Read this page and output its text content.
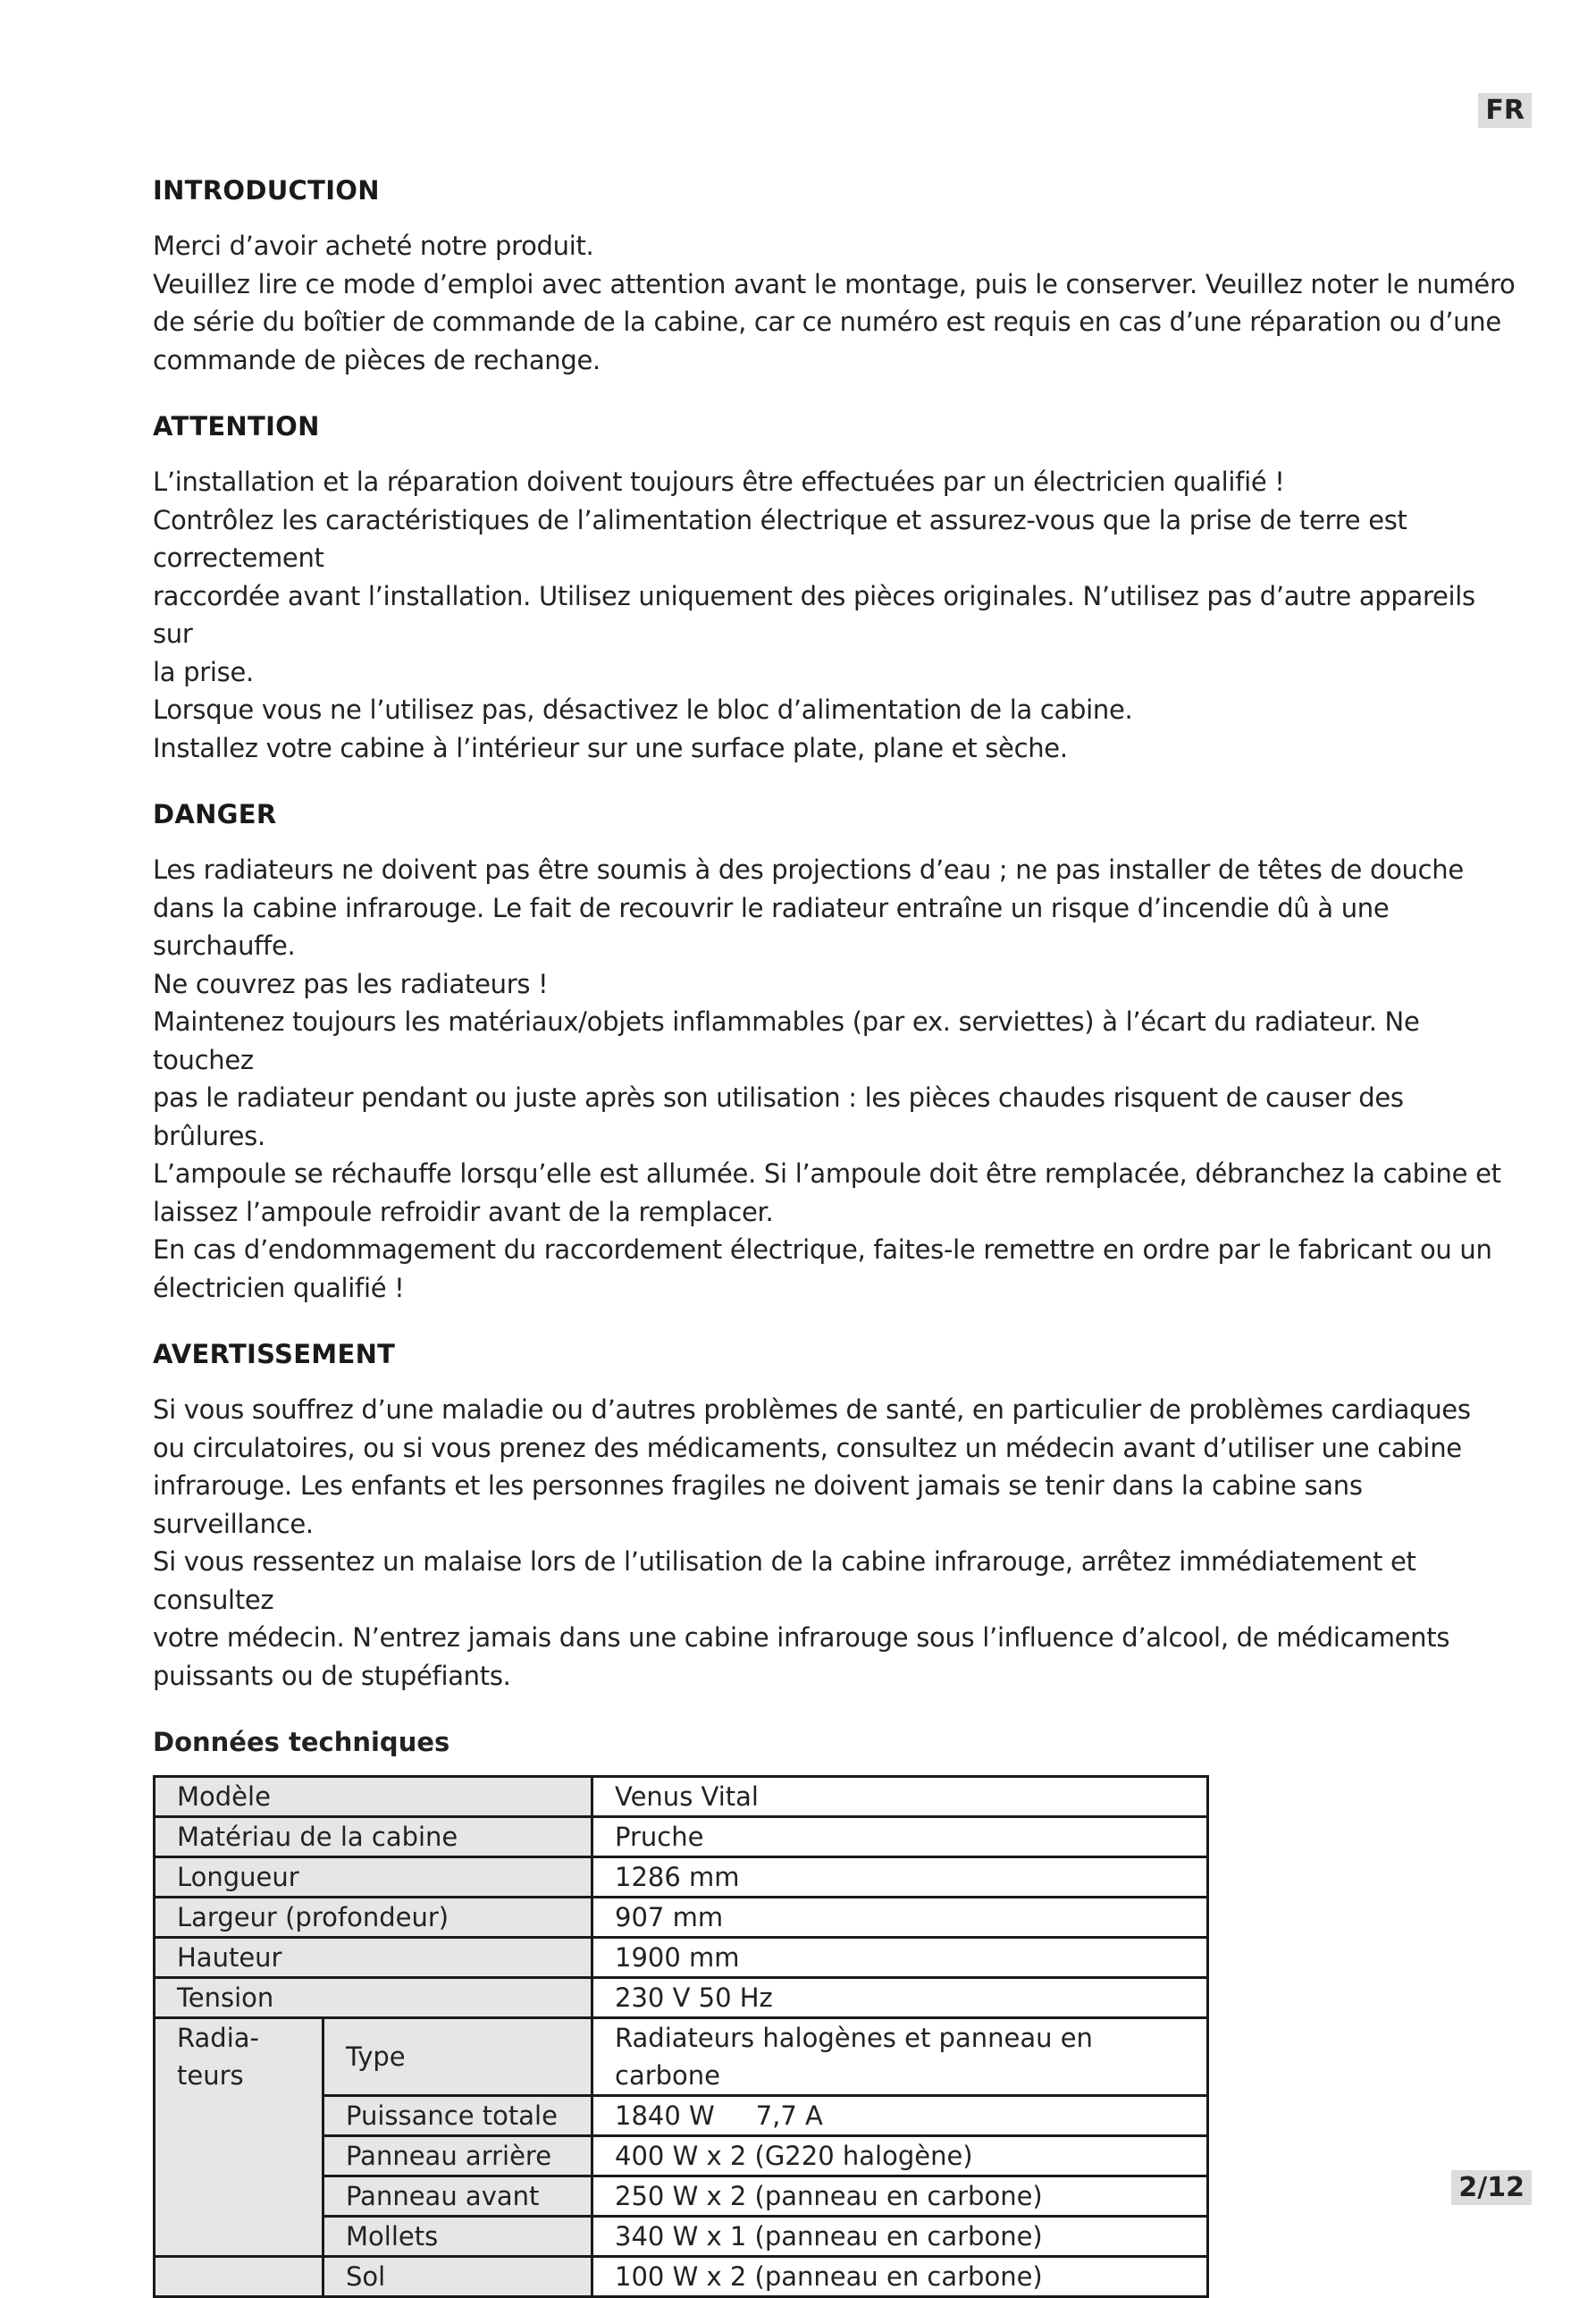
FR
INTRODUCTION

Merci d’avoir acheté notre produit.

Veuillez lire ce mode d’emploi avec attention avant le montage, puis le conserver. Veuillez noter le numéro

de série du boîtier de commande de la cabine, car ce numéro est requis en cas d’une réparation ou d’une

commande de pièces de rechange.

ATTENTION

L’installation et la réparation doivent toujours être effectuées par un électricien qualifié !

Contrôlez les caractéristiques de l’alimentation électrique et assurez-vous que la prise de terre est correctement

raccordée avant l’installation. Utilisez uniquement des pièces originales. N’utilisez pas d’autre appareils sur

la prise.

Lorsque vous ne l’utilisez pas, désactivez le bloc d’alimentation de la cabine.

Installez votre cabine à l’intérieur sur une surface plate, plane et sèche.

DANGER

Les radiateurs ne doivent pas être soumis à des projections d’eau ; ne pas installer de têtes de douche

dans la cabine infrarouge. Le fait de recouvrir le radiateur entraîne un risque d’incendie dû à une surchauffe.

Ne couvrez pas les radiateurs !

Maintenez toujours les matériaux/objets inflammables (par ex. serviettes) à l’écart du radiateur. Ne touchez

pas le radiateur pendant ou juste après son utilisation : les pièces chaudes risquent de causer des brûlures.

L’ampoule se réchauffe lorsqu’elle est allumée. Si l’ampoule doit être remplacée, débranchez la cabine et

laissez l’ampoule refroidir avant de la remplacer.

En cas d’endommagement du raccordement électrique, faites-le remettre en ordre par le fabricant ou un

électricien qualifié !

AVERTISSEMENT

Si vous souffrez d’une maladie ou d’autres problèmes de santé, en particulier de problèmes cardiaques

ou circulatoires, ou si vous prenez des médicaments, consultez un médecin avant d’utiliser une cabine

infrarouge. Les enfants et les personnes fragiles ne doivent jamais se tenir dans la cabine sans surveillance.

Si vous ressentez un malaise lors de l’utilisation de la cabine infrarouge, arrêtez immédiatement et consultez

votre médecin. N’entrez jamais dans une cabine infrarouge sous l’influence d’alcool, de médicaments

puissants ou de stupéfiants.

Données techniques
Modèle		Venus Vital
Matériau de la cabine		Pruche
Longueur		1286 mm
Largeur (profondeur)		907 mm
Hauteur		1900 mm
Tension		230 V 50 Hz

Radia-
teurs	Type	Radiateurs halogènes et panneau en carbone
	Puissance totale	1840 W 7,7 A
	Panneau arrière	400 W x 2 (G220 halogène)
	Panneau avant	250 W x 2 (panneau en carbone)
	Mollets	340 W x 1 (panneau en carbone)
	Sol	100 W x 2 (panneau en carbone)
2/12
